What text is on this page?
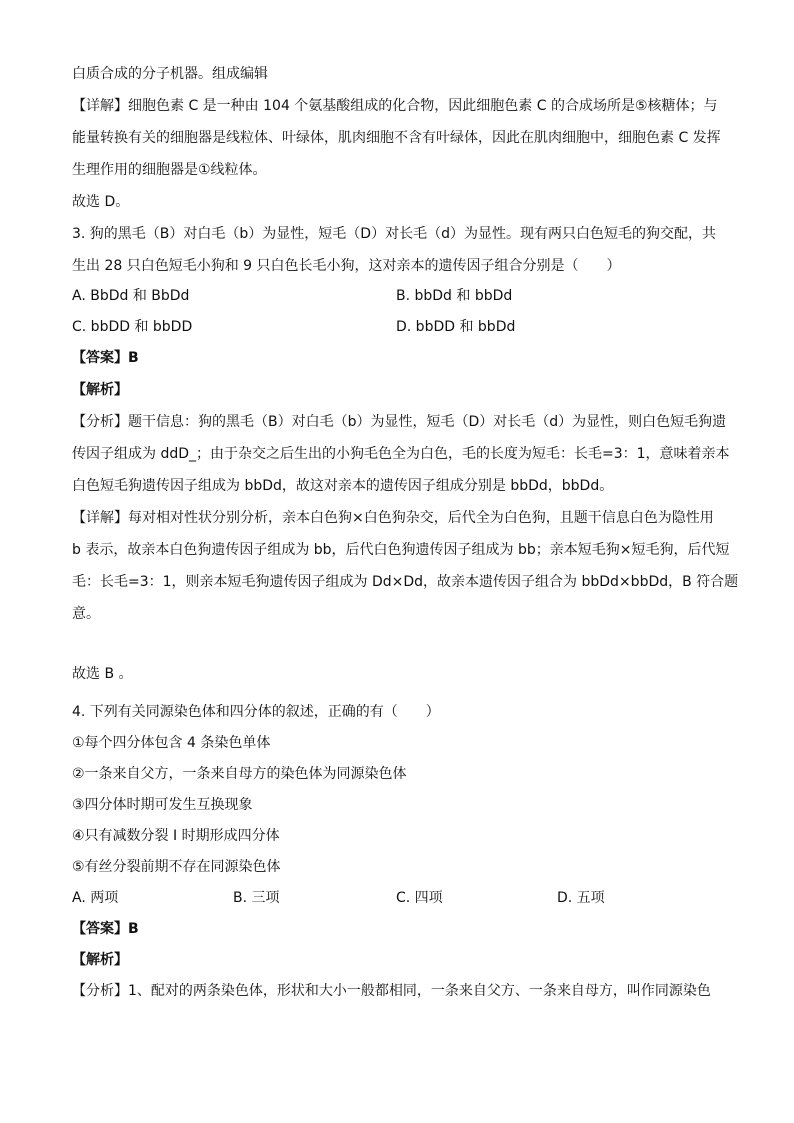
白质合成的分子机器。组成编辑
【详解】细胞色素 C 是一种由 104 个氨基酸组成的化合物，因此细胞色素 C 的合成场所是⑤核糖体；与
能量转换有关的细胞器是线粒体、叶绿体，肌肉细胞不含有叶绿体，因此在肌肉细胞中，细胞色素 C 发挥
生理作用的细胞器是①线粒体。
故选 D。
3. 狗的黑毛（B）对白毛（b）为显性，短毛（D）对长毛（d）为显性。现有两只白色短毛的狗交配，共
生出 28 只白色短毛小狗和 9 只白色长毛小狗，这对亲本的遗传因子组合分别是（　　）
A. BbDd 和 BbDd	B. bbDd 和 bbDd
C. bbDD 和 bbDD	D. bbDD 和 bbDd
【答案】B
【解析】
【分析】题干信息：狗的黑毛（B）对白毛（b）为显性，短毛（D）对长毛（d）为显性，则白色短毛狗遗
传因子组成为 ddD_；由于杂交之后生出的小狗毛色全为白色，毛的长度为短毛：长毛=3：1，意味着亲本
白色短毛狗遗传因子组成为 bbDd，故这对亲本的遗传因子组成分别是 bbDd，bbDd。
【详解】每对相对性状分别分析，亲本白色狗×白色狗杂交，后代全为白色狗，且题干信息白色为隐性用
b 表示，故亲本白色狗遗传因子组成为 bb，后代白色狗遗传因子组成为 bb；亲本短毛狗×短毛狗，后代短
毛：长毛=3：1，则亲本短毛狗遗传因子组成为 Dd×Dd，故亲本遗传因子组合为 bbDd×bbDd，B 符合题
意。
故选 B 。
4. 下列有关同源染色体和四分体的叙述，正确的有（　　）
①每个四分体包含 4 条染色单体
②一条来自父方，一条来自母方的染色体为同源染色体
③四分体时期可发生互换现象
④只有减数分裂 I 时期形成四分体
⑤有丝分裂前期不存在同源染色体
A. 两项	B. 三项	C. 四项	D. 五项
【答案】B
【解析】
【分析】1、配对的两条染色体，形状和大小一般都相同，一条来自父方、一条来自母方，叫作同源染色
